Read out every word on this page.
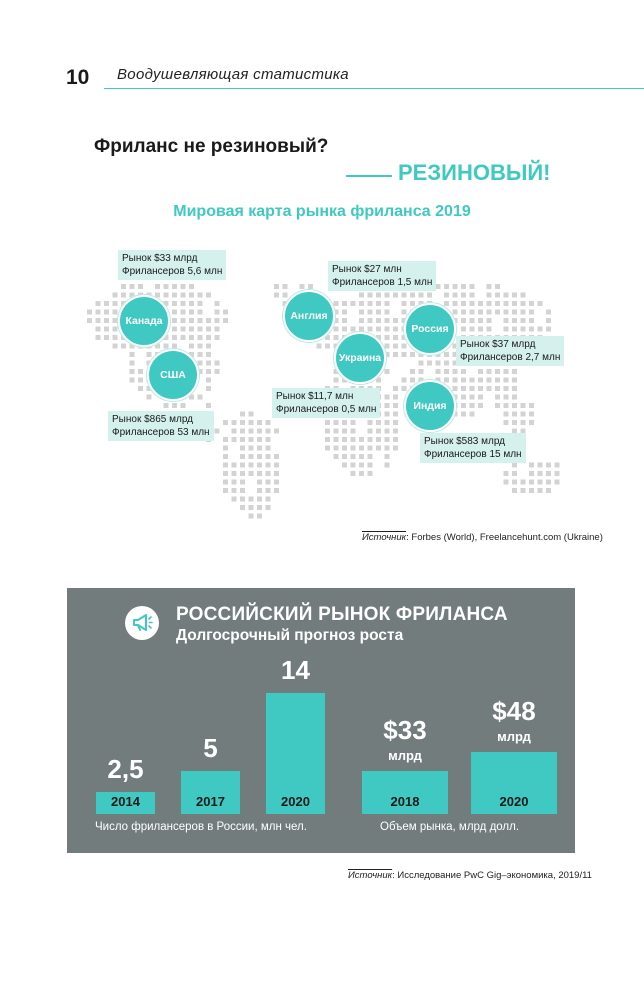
10 Воодушевляющая статистика
Фриланс не резиновый?
РЕЗИНОВЫЙ!
Мировая карта рынка фриланса 2019
Канада
США
Англия
Украина
Россия
Индия
Рынок $33 млрд
Фрилансеров 5,6 млн
Рынок $865 млрд
Фрилансеров 53 млн
Рынок $27 млн
Фрилансеров 1,5 млн
Рынок $11,7 млн
Фрилансеров 0,5 млн
Рынок $37 млрд
Фрилансеров 2,7 млн
Рынок $583 млрд
Фрилансеров 15 млн
Источник: Forbes (World), Freelancehunt.com (Ukraine)
РОССИЙСКИЙ РЫНОК ФРИЛАНСА
Долгосрочный прогноз роста
2014
2,5
2017
5
2020
14
2018
$33
млрд
2020
$48
млрд
Число фрилансеров в России, млн чел.	Объем рынка, млрд долл.
Источник: Исследование PwC Gig–экономика, 2019/11
